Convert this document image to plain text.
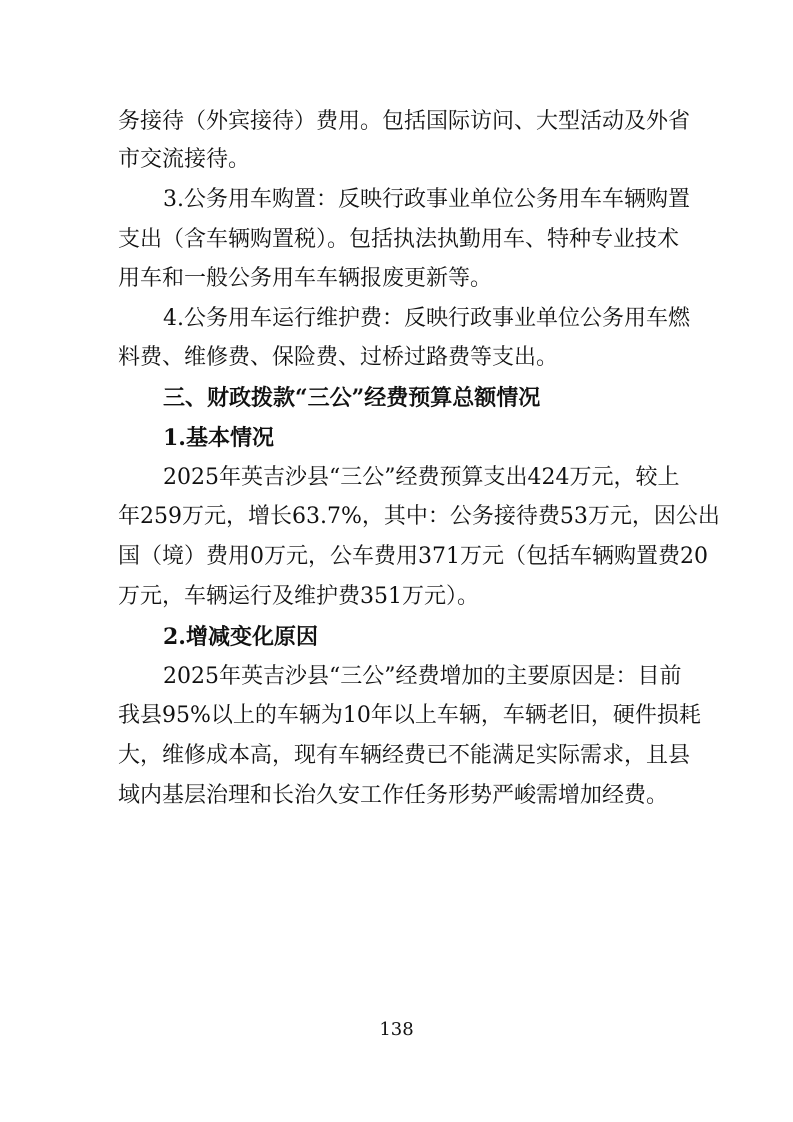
务接待（外宾接待）费用。包括国际访问、大型活动及外省
市交流接待。
3.公务用车购置：反映行政事业单位公务用车车辆购置
支出（含车辆购置税）。包括执法执勤用车、特种专业技术
用车和一般公务用车车辆报废更新等。
4.公务用车运行维护费：反映行政事业单位公务用车燃
料费、维修费、保险费、过桥过路费等支出。
三、财政拨款“三公”经费预算总额情况
1.基本情况
2025年英吉沙县“三公”经费预算支出424万元，较上
年259万元，增长63.7%，其中：公务接待费53万元，因公出
国（境）费用0万元，公车费用371万元（包括车辆购置费20
万元，车辆运行及维护费351万元）。
2.增减变化原因
2025年英吉沙县“三公”经费增加的主要原因是：目前
我县95%以上的车辆为10年以上车辆，车辆老旧，硬件损耗
大，维修成本高，现有车辆经费已不能满足实际需求，且县
域内基层治理和长治久安工作任务形势严峻需增加经费。
138
